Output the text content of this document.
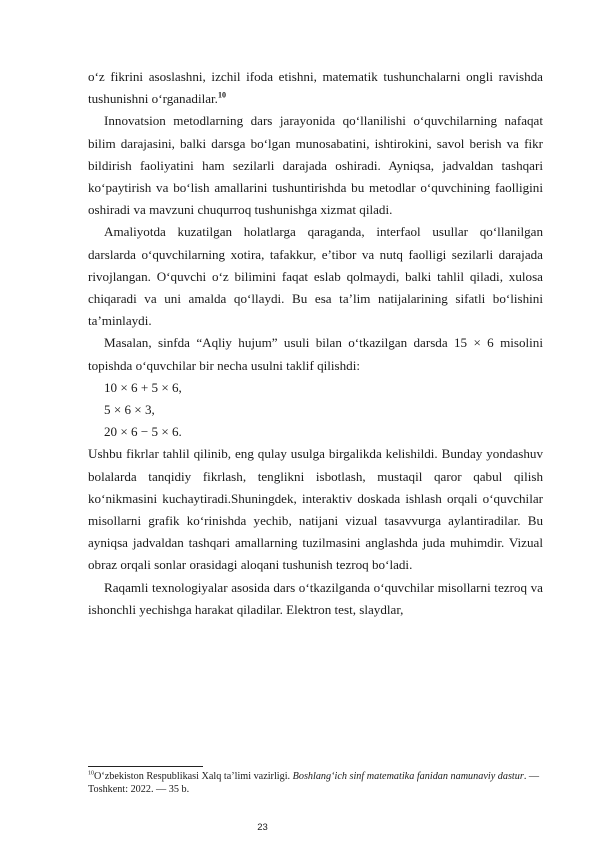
o‘z fikrini asoslashni, izchil ifoda etishni, matematik tushunchalarni ongli ravishda tushunishni o‘rganadilar.$^{10}$

Innovatsion metodlarning dars jarayonida qo‘llanilishi o‘quvchilarning nafaqat bilim darajasini, balki darsga bo‘lgan munosabatini, ishtirokini, savol berish va fikr bildirish faoliyatini ham sezilarli darajada oshiradi. Ayniqsa, jadvaldan tashqari ko‘paytirish va bo‘lish amallarini tushuntirishda bu metodlar o‘quvchining faolligini oshiradi va mavzuni chuqurroq tushunishga xizmat qiladi.

Amaliyotda kuzatilgan holatlarga qaraganda, interfaol usullar qo‘llanilgan darslarda o‘quvchilarning xotira, tafakkur, e’tibor va nutq faolligi sezilarli darajada rivojlangan. O‘quvchi o‘z bilimini faqat eslab qolmaydi, balki tahlil qiladi, xulosa chiqaradi va uni amalda qo‘llaydi. Bu esa ta’lim natijalarining sifatli bo‘lishini ta’minlaydi.

Masalan, sinfda “Aqliy hujum” usuli bilan o‘tkazilgan darsda 15 × 6 misolini topishda o‘quvchilar bir necha usulni taklif qilishdi:

10 × 6 + 5 × 6,

5 × 6 × 3,

20 × 6 − 5 × 6.

Ushbu fikrlar tahlil qilinib, eng qulay usulga birgalikda kelishildi. Bunday yondashuv bolalarda tanqidiy fikrlash, tenglikni isbotlash, mustaqil qaror qabul qilish ko‘nikmasini kuchaytiradi.Shuningdek, interaktiv doskada ishlash orqali o‘quvchilar misollarni grafik ko‘rinishda yechib, natijani vizual tasavvurga aylantiradilar. Bu ayniqsa jadvaldan tashqari amallarning tuzilmasini anglashda juda muhimdir. Vizual obraz orqali sonlar orasidagi aloqani tushunish tezroq bo‘ladi.

Raqamli texnologiyalar asosida dars o‘tkazilganda o‘quvchilar misollarni tezroq va ishonchli yechishga harakat qiladilar. Elektron test, slaydlar,

$^{10}$O‘zbekiston Respublikasi Xalq ta’limi vazirligi. Boshlang‘ich sinf matematika fanidan namunaviy dastur. — Toshkent: 2022. — 35 b.
23
